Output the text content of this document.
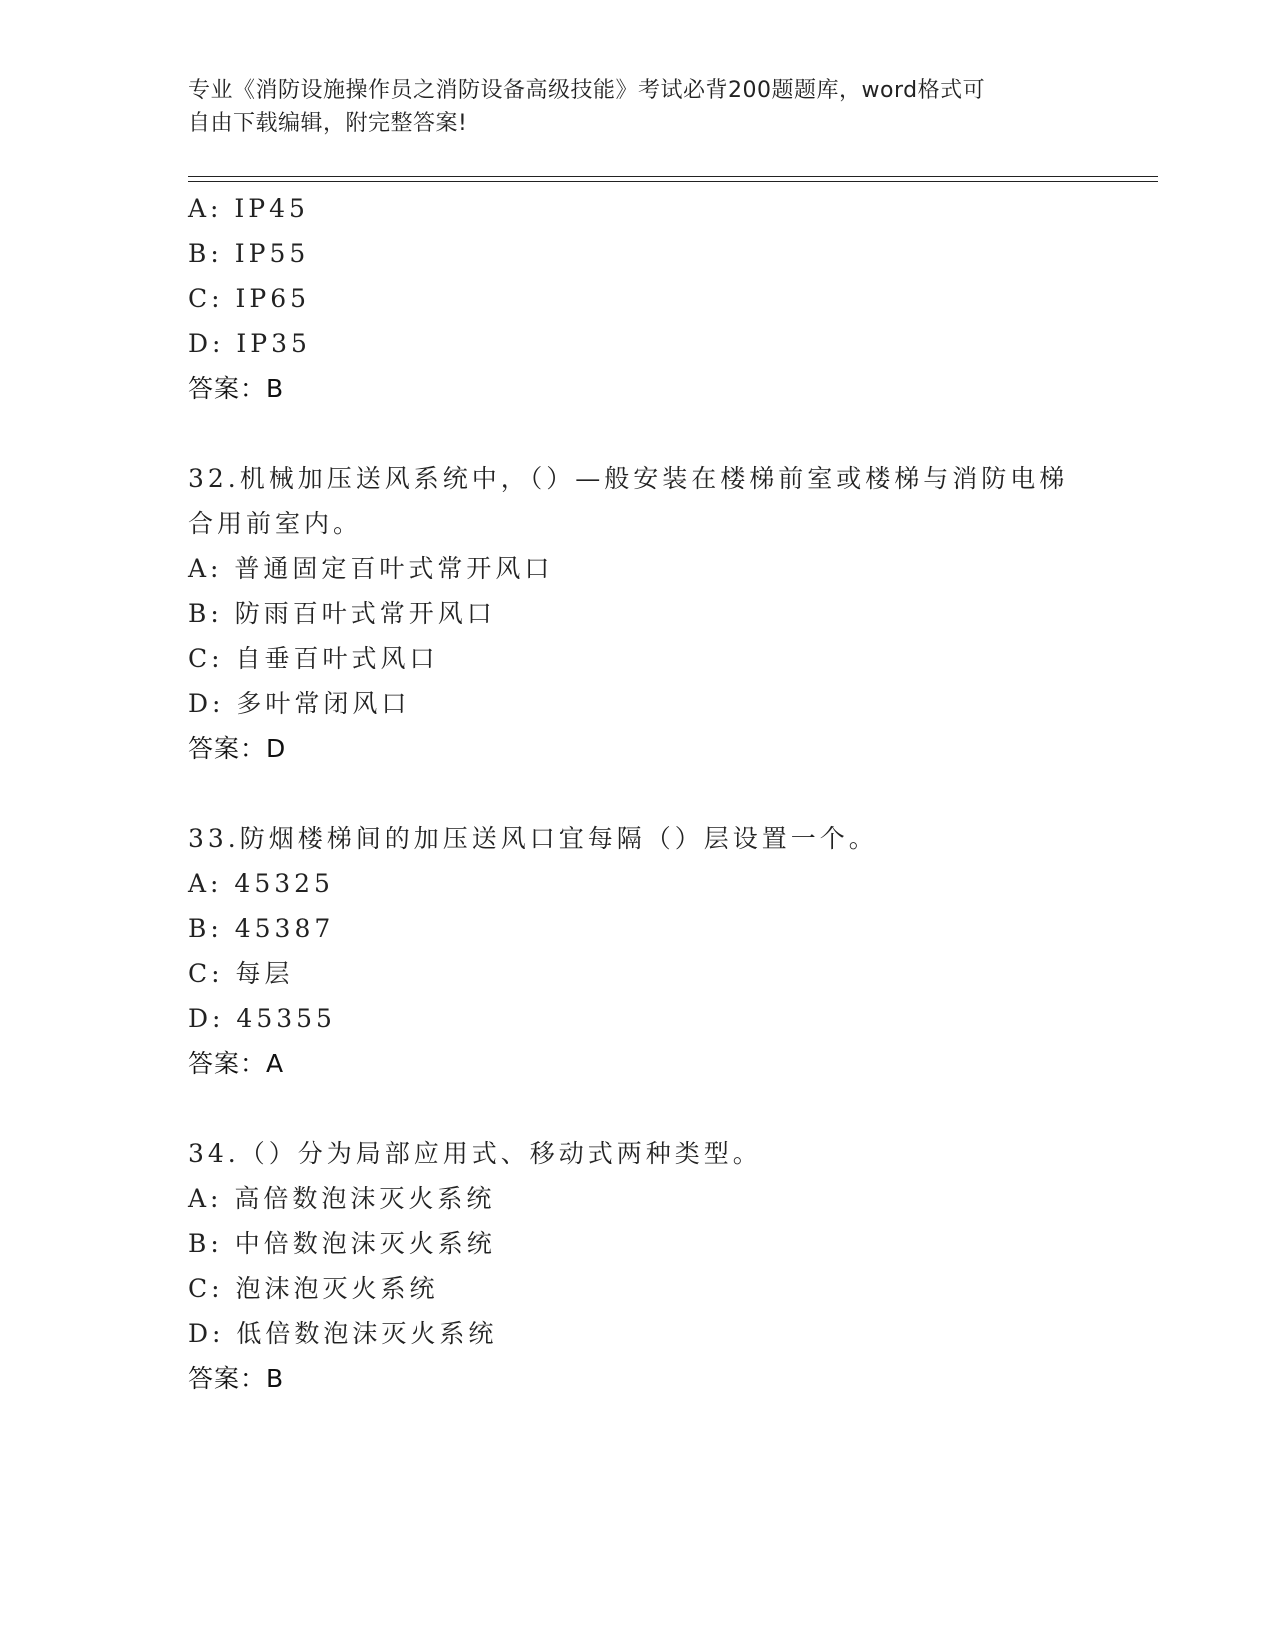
专业《消防设施操作员之消防设备高级技能》考试必背200题题库，word格式可
自由下载编辑，附完整答案!
A: IP45
B: IP55
C: IP65
D: IP35
答案：B
32.机械加压送风系统中，（）—般安装在楼梯前室或楼梯与消防电梯
合用前室内。
A: 普通固定百叶式常开风口
B: 防雨百叶式常开风口
C: 自垂百叶式风口
D: 多叶常闭风口
答案：D
33.防烟楼梯间的加压送风口宜每隔（）层设置一个。
A: 45325
B: 45387
C: 每层
D: 45355
答案：A
34.（）分为局部应用式、移动式两种类型。
A: 高倍数泡沫灭火系统
B: 中倍数泡沫灭火系统
C: 泡沫泡灭火系统
D: 低倍数泡沫灭火系统
答案：B
